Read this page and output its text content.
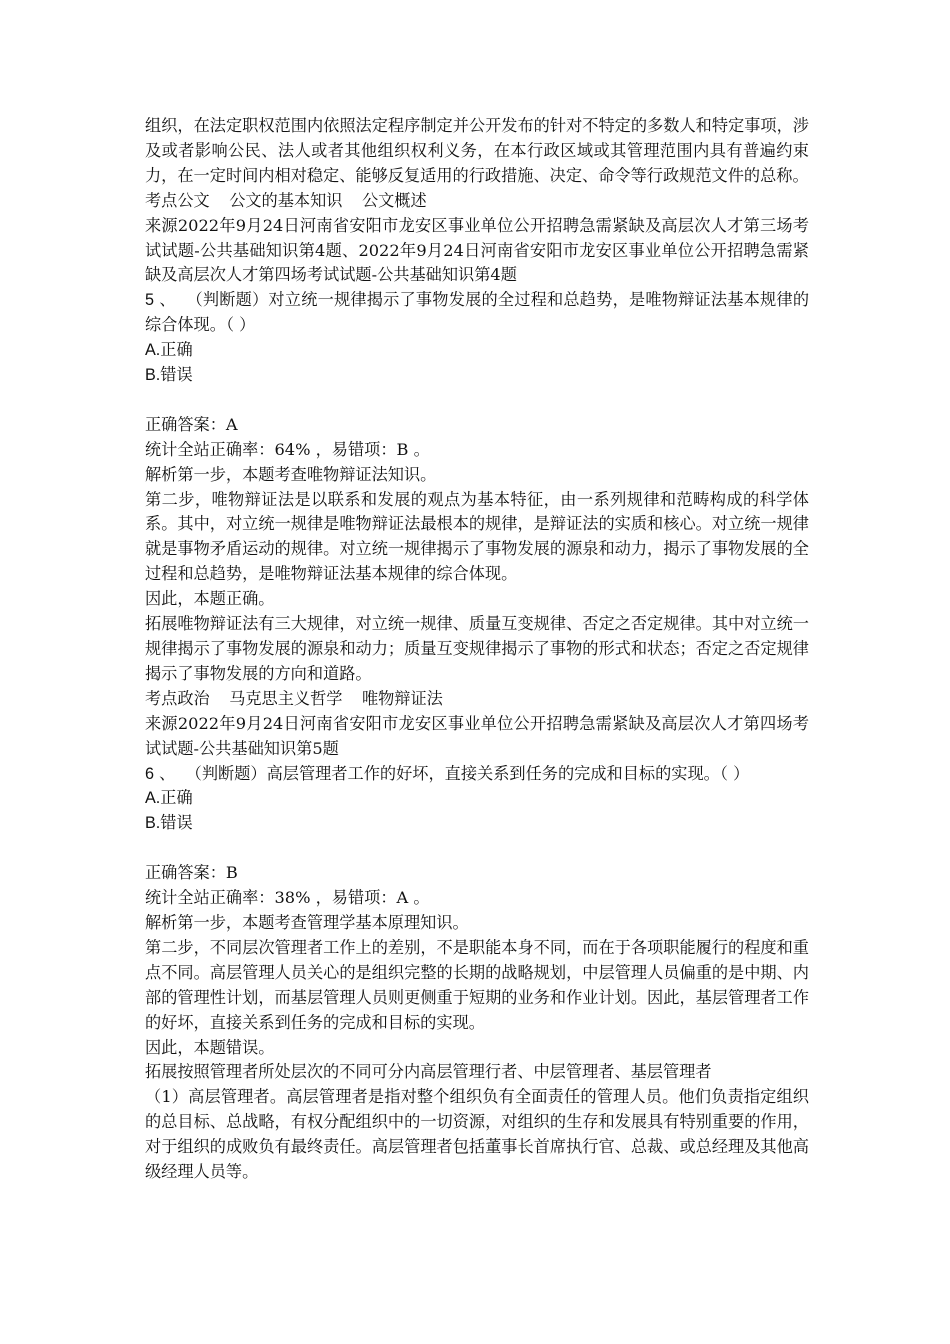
组织，在法定职权范围内依照法定程序制定并公开发布的针对不特定的多数人和特定事项，涉及或者影响公民、法人或者其他组织权利义务，在本行政区域或其管理范围内具有普遍约束力，在一定时间内相对稳定、能够反复适用的行政措施、决定、命令等行政规范文件的总称。

考点公文 公文的基本知识 公文概述

来源2022年9月24日河南省安阳市龙安区事业单位公开招聘急需紧缺及高层次人才第三场考试试题-公共基础知识第4题、2022年9月24日河南省安阳市龙安区事业单位公开招聘急需紧缺及高层次人才第四场考试试题-公共基础知识第4题

5 、 （判断题）对立统一规律揭示了事物发展的全过程和总趋势，是唯物辩证法基本规律的综合体现。（ ）

A.正确

B.错误

正确答案：A

统计全站正确率：64% ，易错项：B 。

解析第一步，本题考查唯物辩证法知识。

第二步，唯物辩证法是以联系和发展的观点为基本特征，由一系列规律和范畴构成的科学体系。其中，对立统一规律是唯物辩证法最根本的规律，是辩证法的实质和核心。对立统一规律就是事物矛盾运动的规律。对立统一规律揭示了事物发展的源泉和动力，揭示了事物发展的全过程和总趋势，是唯物辩证法基本规律的综合体现。

因此，本题正确。

拓展唯物辩证法有三大规律，对立统一规律、质量互变规律、否定之否定规律。其中对立统一规律揭示了事物发展的源泉和动力；质量互变规律揭示了事物的形式和状态；否定之否定规律揭示了事物发展的方向和道路。

考点政治 马克思主义哲学 唯物辩证法

来源2022年9月24日河南省安阳市龙安区事业单位公开招聘急需紧缺及高层次人才第四场考试试题-公共基础知识第5题

6 、 （判断题）高层管理者工作的好坏，直接关系到任务的完成和目标的实现。（ ）

A.正确

B.错误

正确答案：B

统计全站正确率：38% ，易错项：A 。

解析第一步，本题考查管理学基本原理知识。

第二步，不同层次管理者工作上的差别，不是职能本身不同，而在于各项职能履行的程度和重点不同。高层管理人员关心的是组织完整的长期的战略规划，中层管理人员偏重的是中期、内部的管理性计划，而基层管理人员则更侧重于短期的业务和作业计划。因此，基层管理者工作的好坏，直接关系到任务的完成和目标的实现。

因此，本题错误。

拓展按照管理者所处层次的不同可分内高层管理行者、中层管理者、基层管理者

（1）高层管理者。高层管理者是指对整个组织负有全面责任的管理人员。他们负责指定组织的总目标、总战略，有权分配组织中的一切资源，对组织的生存和发展具有特别重要的作用，对于组织的成败负有最终责任。高层管理者包括董事长首席执行官、总裁、或总经理及其他高级经理人员等。
